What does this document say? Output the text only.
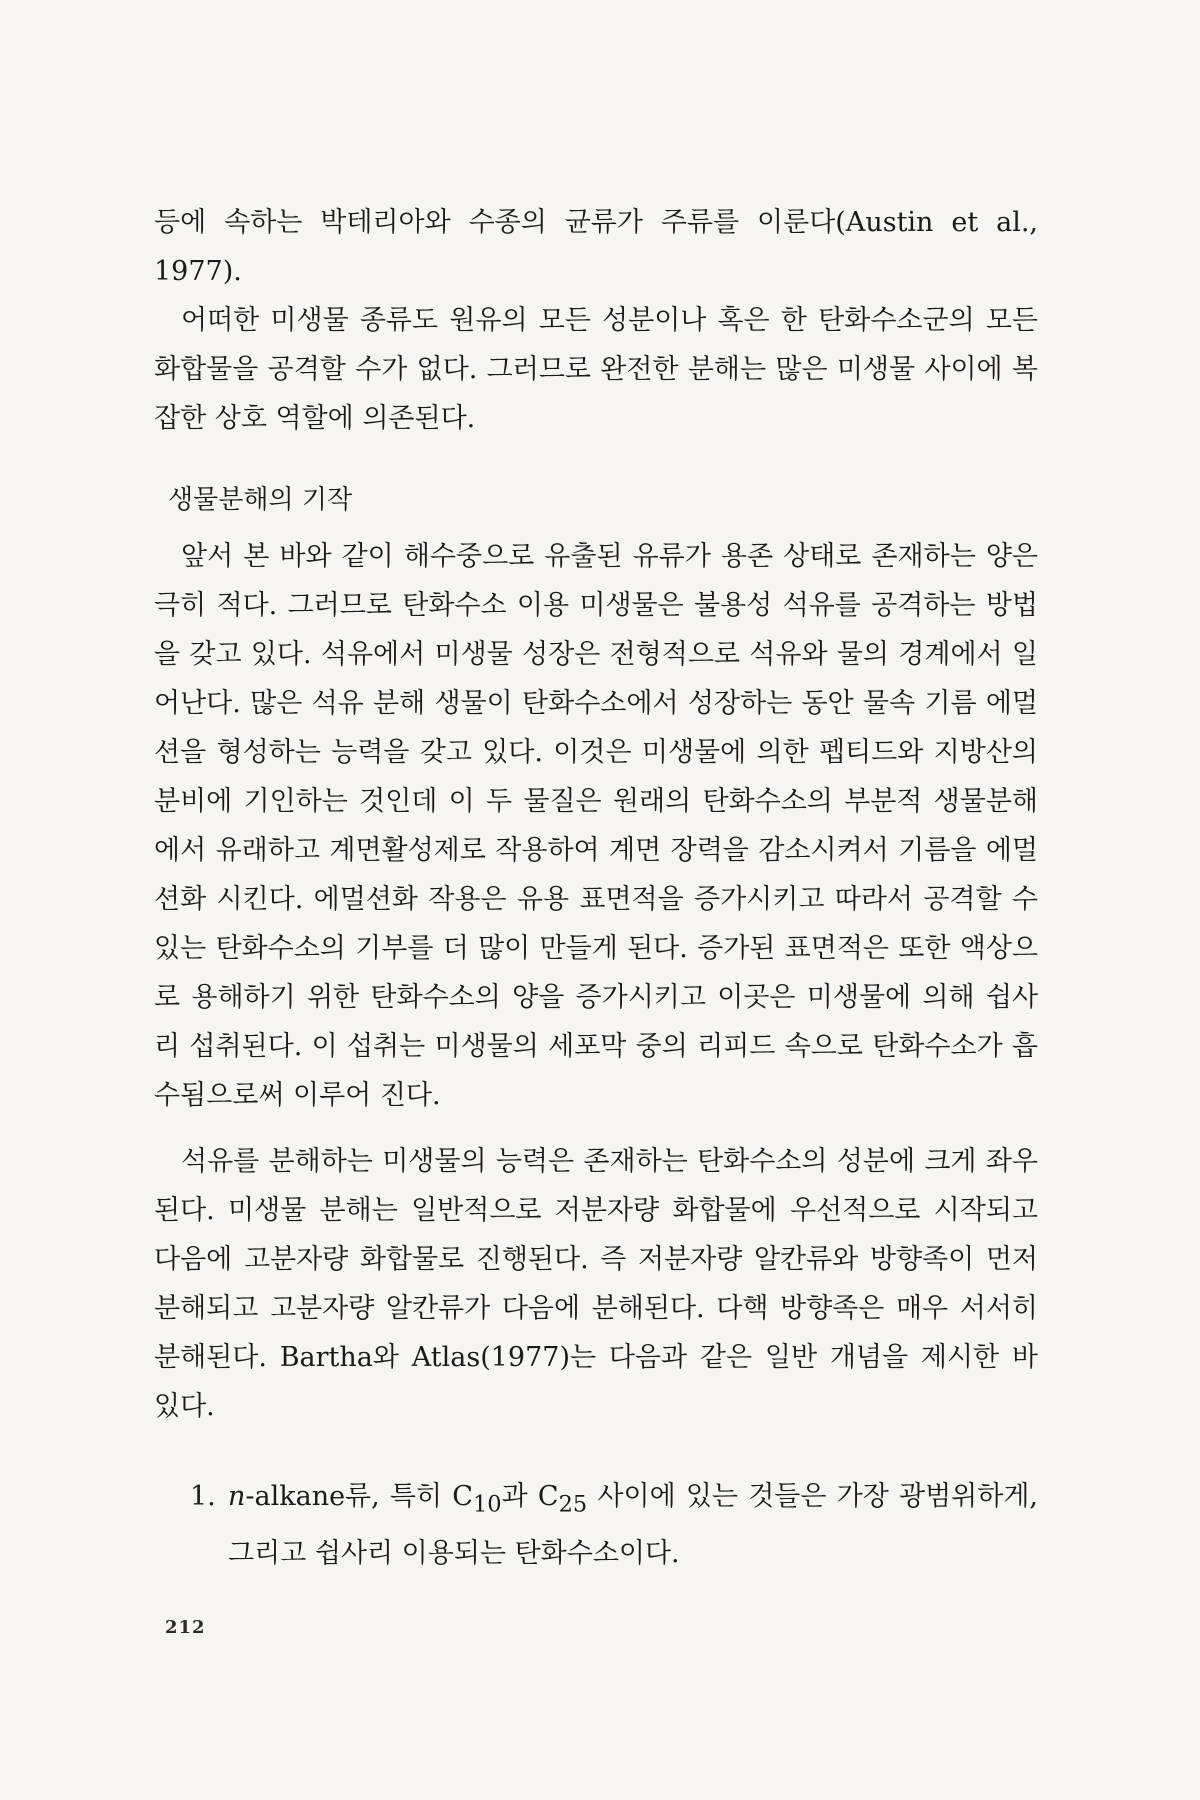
등에 속하는 박테리아와 수종의 균류가 주류를 이룬다(Austin et al., 1977).

어떠한 미생물 종류도 원유의 모든 성분이나 혹은 한 탄화수소군의 모든 화합물을 공격할 수가 없다. 그러므로 완전한 분해는 많은 미생물 사이에 복잡한 상호 역할에 의존된다.

생물분해의 기작

앞서 본 바와 같이 해수중으로 유출된 유류가 용존 상태로 존재하는 양은 극히 적다. 그러므로 탄화수소 이용 미생물은 불용성 석유를 공격하는 방법을 갖고 있다. 석유에서 미생물 성장은 전형적으로 석유와 물의 경계에서 일어난다. 많은 석유 분해 생물이 탄화수소에서 성장하는 동안 물속 기름 에멀션을 형성하는 능력을 갖고 있다. 이것은 미생물에 의한 펩티드와 지방산의 분비에 기인하는 것인데 이 두 물질은 원래의 탄화수소의 부분적 생물분해에서 유래하고 계면활성제로 작용하여 계면 장력을 감소시켜서 기름을 에멀션화 시킨다. 에멀션화 작용은 유용 표면적을 증가시키고 따라서 공격할 수 있는 탄화수소의 기부를 더 많이 만들게 된다. 증가된 표면적은 또한 액상으로 용해하기 위한 탄화수소의 양을 증가시키고 이곳은 미생물에 의해 쉽사리 섭취된다. 이 섭취는 미생물의 세포막 중의 리피드 속으로 탄화수소가 흡수됨으로써 이루어 진다.

석유를 분해하는 미생물의 능력은 존재하는 탄화수소의 성분에 크게 좌우된다. 미생물 분해는 일반적으로 저분자량 화합물에 우선적으로 시작되고 다음에 고분자량 화합물로 진행된다. 즉 저분자량 알칸류와 방향족이 먼저 분해되고 고분자량 알칸류가 다음에 분해된다. 다핵 방향족은 매우 서서히 분해된다. Bartha와 Atlas(1977)는 다음과 같은 일반 개념을 제시한 바 있다.

1. n-alkane류, 특히 $C_{10}$과 $C_{25}$ 사이에 있는 것들은 가장 광범위하게, 그리고 쉽사리 이용되는 탄화수소이다.
212
